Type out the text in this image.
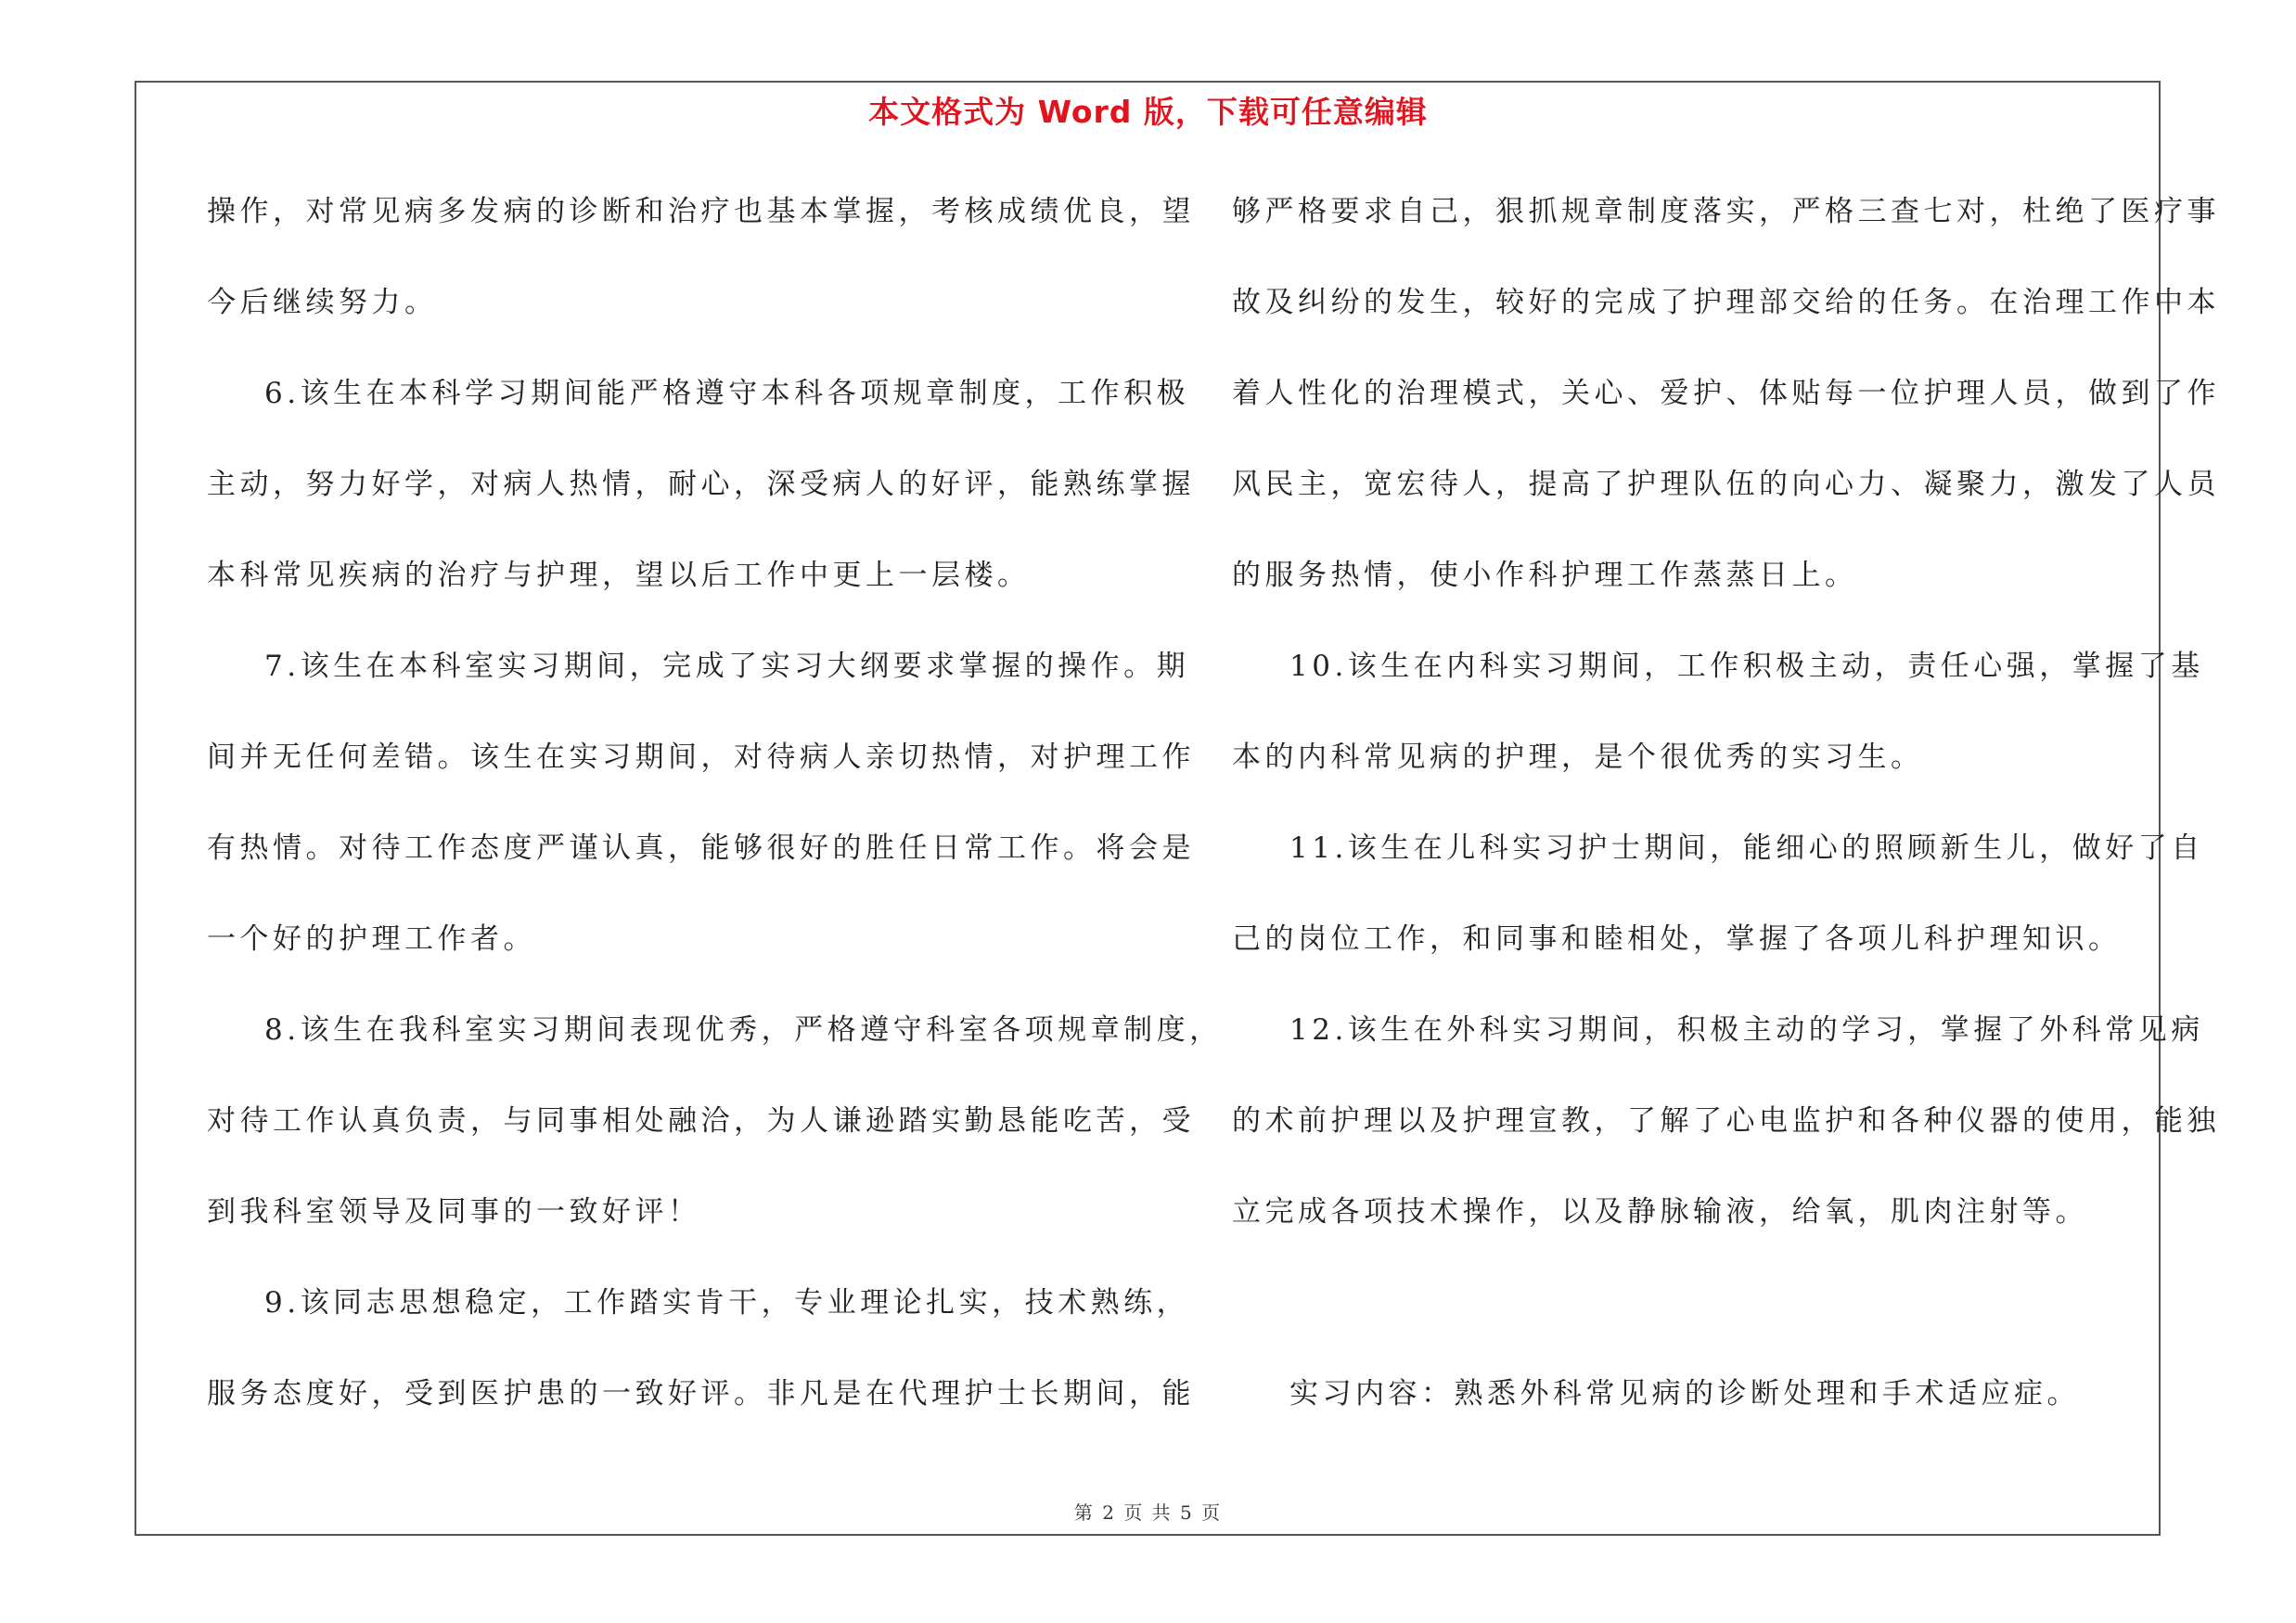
本文格式为 Word 版，下载可任意编辑
操作，对常见病多发病的诊断和治疗也基本掌握，考核成绩优良，望
今后继续努力。
6.该生在本科学习期间能严格遵守本科各项规章制度，工作积极
主动，努力好学，对病人热情，耐心，深受病人的好评，能熟练掌握
本科常见疾病的治疗与护理，望以后工作中更上一层楼。
7.该生在本科室实习期间，完成了实习大纲要求掌握的操作。期
间并无任何差错。该生在实习期间，对待病人亲切热情，对护理工作
有热情。对待工作态度严谨认真，能够很好的胜任日常工作。将会是
一个好的护理工作者。
8.该生在我科室实习期间表现优秀，严格遵守科室各项规章制度，
对待工作认真负责，与同事相处融洽，为人谦逊踏实勤恳能吃苦，受
到我科室领导及同事的一致好评！
9.该同志思想稳定，工作踏实肯干，专业理论扎实，技术熟练，
服务态度好，受到医护患的一致好评。非凡是在代理护士长期间，能
够严格要求自己，狠抓规章制度落实，严格三查七对，杜绝了医疗事
故及纠纷的发生，较好的完成了护理部交给的任务。在治理工作中本
着人性化的治理模式，关心、爱护、体贴每一位护理人员，做到了作
风民主，宽宏待人，提高了护理队伍的向心力、凝聚力，激发了人员
的服务热情，使小作科护理工作蒸蒸日上。
10.该生在内科实习期间，工作积极主动，责任心强，掌握了基
本的内科常见病的护理，是个很优秀的实习生。
11.该生在儿科实习护士期间，能细心的照顾新生儿，做好了自
己的岗位工作，和同事和睦相处，掌握了各项儿科护理知识。
12.该生在外科实习期间，积极主动的学习，掌握了外科常见病
的术前护理以及护理宣教，了解了心电监护和各种仪器的使用，能独
立完成各项技术操作，以及静脉输液，给氧，肌肉注射等。
实习内容：熟悉外科常见病的诊断处理和手术适应症。
第 2 页 共 5 页
